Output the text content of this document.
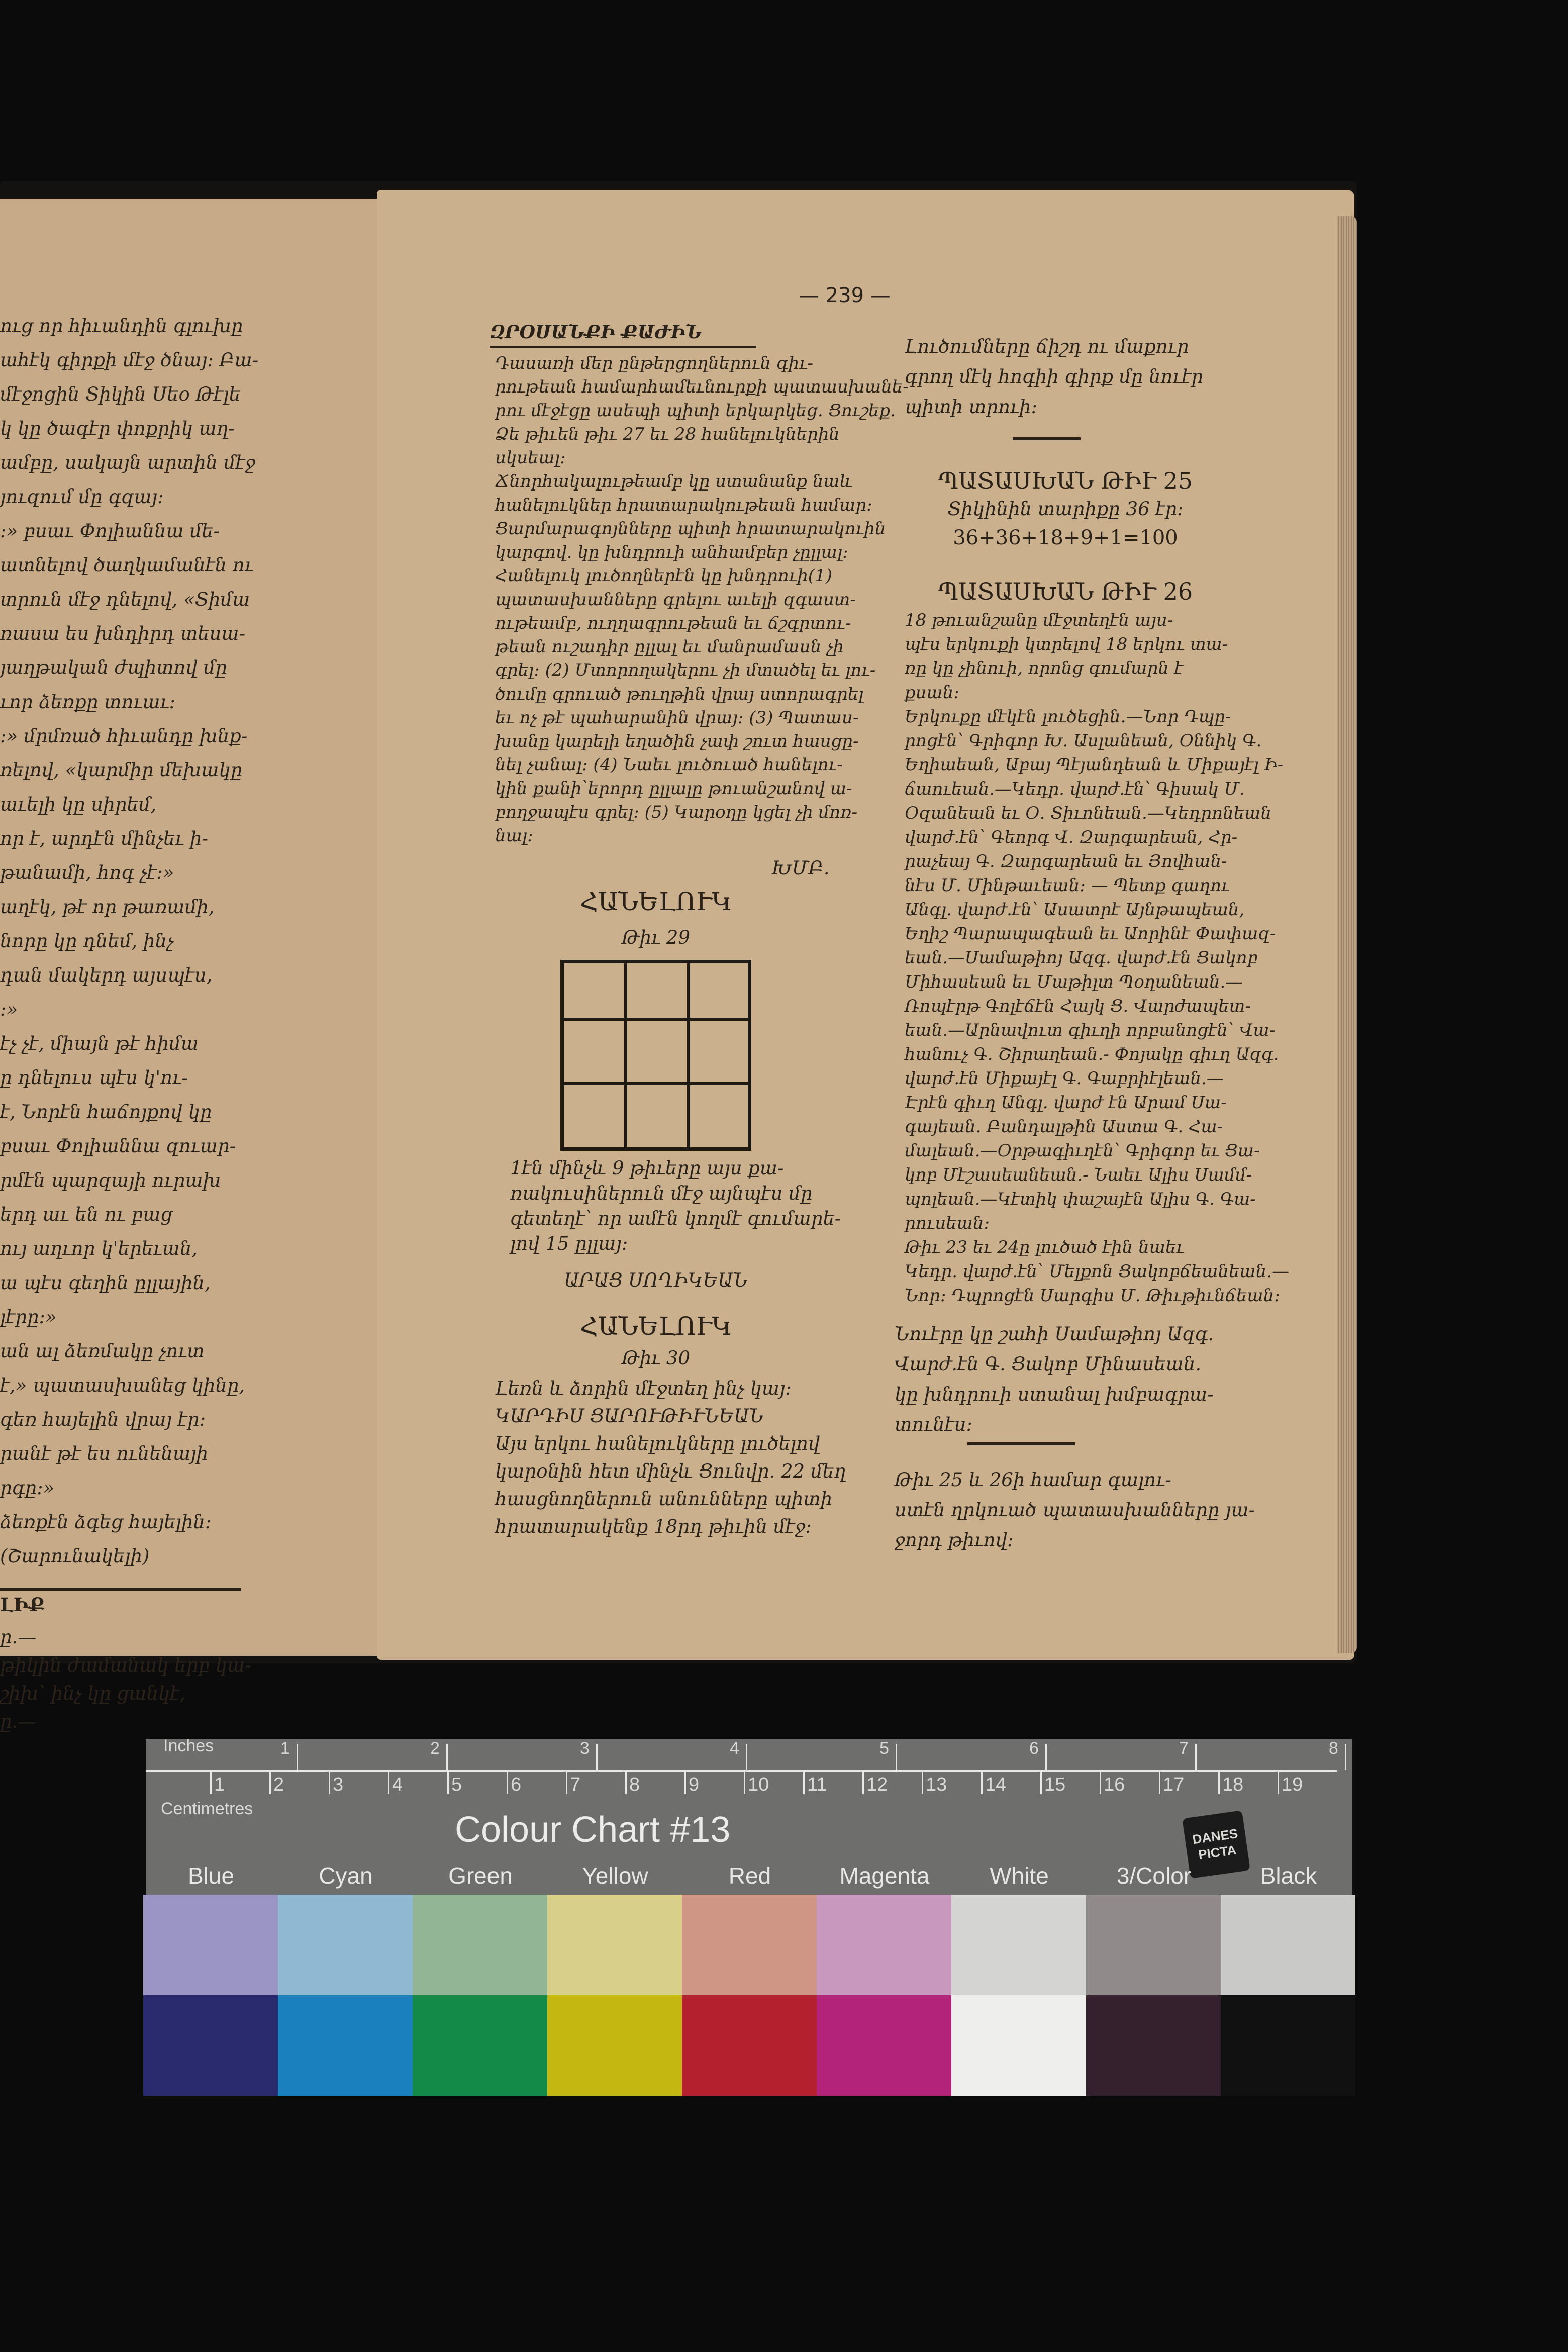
ուց որ հիւանդին գլուխը
ահէկ գիրքի մէջ ծնայ։ Բա-
մէջոցին Տիկին Սեօ Թէլե
կ կը ծագէր փոքրիկ աղ-
ամբը, սակայն արտին մէջ
յուզում մը գզայ։
։» բսաւ Փոլիաննա մե-
ատնելով ծաղկամանէն ու
տրուն մէջ դնելով, «Տիմա
ռասա ես խնդիրդ տեսա-
յաղթական ժպիտով մը
ւոր ձեռքը տուաւ։
։» մրմռած հիւանդը խնք-
ռելով, «կարմիր մեխակը
աւելի կը սիրեմ,
որ է, արդէն մինչեւ ի-
թանամի, հոգ չէ։»
աղէկ, թէ որ թառամի,
նորը կը դնեմ, ինչ
դան մակերդ այսպէս,
։»
էչ չէ, միայն թէ հիմա
ը դնելուս պէս կ'ու-
է, Նորէն հաճոյքով կը
բսաւ Փոլիաննա զուար-
րմէն պարզայի ուրախ
երդ աւ են ու բաց
ույ աղւոր կ'երեւան,
ա պէս գեղին ըլլային,
լէրը։»
ան ալ ձեռմակը չուտ
է,» պատասխանեց կինը,
գեռ հայելին վրայ էր։
րանէ թէ ես ունենայի
րգը։»
ձեռքէն ձգեց հայելին։
(Շարունակելի)
ԼԻՔ
ը.—
թիկին ժամանակ երբ կա-
շիխ՝ ինչ կը ցանկէ,
ը.—
— 239 —
ԶՐՕՍԱՆՔԻ ՔԱԺԻՆ
Դասառի մեր ընթերցողներուն գիւ-
րութեան համարհամեւնուրքի պատասխանե-
րու մէջէցը ասեպի պիտի երկարկեց. Ցուշեք.
Ձե թիւեն թիւ 27 եւ 28 հանելուկներին
սկսեալ։
Ճնորհակալութեամբ կը ստանանք նաև
հանելուկներ հրատարակութեան համար։
Ցարմարագոյնները պիտի հրատարակուին
կարգով. կը խնդրուի անհամբեր չըլլալ։
Հանելուկ լուծողներէն կը խնդրուի(1)
պատասխանները գրելու աւելի զգաստ-
ութեամբ, ուղղագրութեան եւ ճշգրտու-
թեան ուշադիր ըլլալ եւ մանրամասն չի
գրել։ (2) Մտորողակերու չի մտածել եւ լու-
ծումը գրուած թուղթին վրայ ստորագրել
եւ ոչ թէ պահարանին վրայ։ (3) Պատաս-
խանը կարելի եղածին չափ շուտ հասցը-
նել չանալ։ (4) Նաեւ լուծուած հանելու-
կին քանի՝երորդ ըլլալը թուանշանով ա-
բողջապէս գրել։ (5) Կարօղը կցել չի մոռ-
նալ։
ԽՄԲ.
ՀԱՆԵԼՈՒԿ
Թիւ 29
1էն մինչև 9 թիւերը այս քա-
ռակուսիներուն մէջ այնպէս մը
գետեղէ՝ որ ամէն կողմէ գումարե-
լով 15 ըլլայ։
ԱՐԱՑ ՍՈՂԻԿԵԱՆ
ՀԱՆԵԼՈՒԿ
Թիւ 30
Լեռն և ձորին մէջտեղ ինչ կայ։
ԿԱՐԴԻՍ ՑԱՐՈՒԹԻՒՆԵԱՆ
Այս երկու հանելուկները լուծելով
կարօնին հետ մինչև Ցունվր. 22 մեղ
հասցնողներուն անունները պիտի
հրատարակենք 18րդ թիւին մէջ։
Լուծումները ճիշդ ու մաքուր
գրող մէկ հոգիի գիրք մը նուէր
պիտի տրուի։
ՊԱՏԱՍԽԱՆ ԹԻՒ 25
Տիկինին տարիքը 36 էր։
36+36+18+9+1=100
ՊԱՏԱՍԽԱՆ ԹԻՒ 26
18 թուանշանը մէջտեղէն այս-
պէս երկուքի կտրելով 18 երկու տա-
ռը կը չինուի, որոնց գումարն է
քսան։
Երկուքը մէկէն լուծեցին.—Նոր Դպը-
րոցէն՝ Գրիգոր Խ. Ասլանեան, Օննիկ Գ.
Եղիաեան, Աբայ Պէյանդեան և Միքայէլ Ի-
ճաուեան.—Կեդր. վարժ.էն՝ Գիսակ Մ.
Օզանեան եւ Օ. Տիւոնեան.—Կեդրոնեան
վարժ.էն՝ Գեորգ Վ. Զարգարեան, Հր-
րաչեայ Գ. Զարգարեան եւ Յովհան-
նէս Մ. Մինթաւեան։ — Պետք գաղու
Անգլ. վարժ.էն՝ Ասատրէ Այնթապեան,
Եղիշ Պարապագեան եւ Աորինէ Փափազ-
եան.—Սամաթիոյ Ազգ. վարժ.էն Ցակոբ
Միհասեան եւ Մաթիլտ Պօղանեան.—
Ռոպէրթ Գոլէճէն Հայկ Ց. Վարժապետ-
եան.—Արնավուտ գիւղի որբանոցէն՝ Վա-
հանուչ Գ. Շիրաղեան.- Փոյակը գիւղ Ազգ.
վարժ.էն Միքայէլ Գ. Գաբրիէլեան.—
Էրէն գիւղ Անգլ. վարժ էն Արամ Սա-
գայեան. Բանդալթին Աստա Գ. Հա-
մալեան.—Օրթագիւղէն՝ Գրիգոր եւ Ցա-
կոբ Մէշասեանեան.- Նաեւ Ալիս Սամմ-
պոլեան.—Կէտիկ փաշայէն Ալիս Գ. Գա-
րուսեան։
Թիւ 23 եւ 24ը լուծած էին նաեւ
Կեդր. վարժ.էն՝ Մելքոն Ցակոբճեանեան.—
Նոր։ Դպրոցէն Սարգիս Մ. Թիւթիւնճեան։
Նուէրը կը շահի Սամաթիոյ Ազգ.
Վարժ.էն Գ. Ցակոբ Մինասեան.
կը խնդրուի ստանալ խմբագրա-
տունէս։
Թիւ 25 և 26ի համար գալու-
ստէն ղրկուած պատասխանները յա-
ջորդ թիւով։
Inches	1	2	3	4	5	6	7	8
1	2	3	4	5	6	7	8	9	10 11 12 13 14 15 16 17 18 19
Centimetres
Colour Chart #13	DANES PICTA
Blue	Cyan	Green	Yellow	Red	Magenta	White	3/Color	Black
